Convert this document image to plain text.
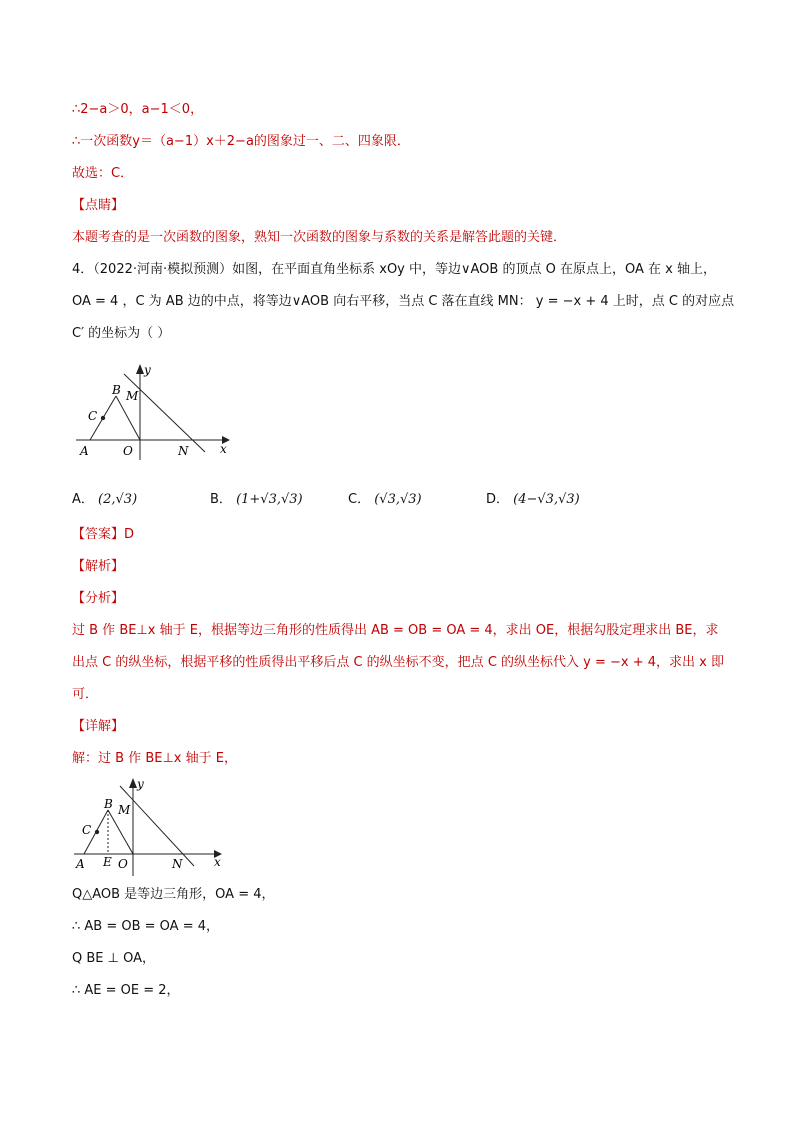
∴2−a＞0，a−1＜0，
∴一次函数y＝（a−1）x＋2−a的图象过一、二、四象限．
故选：C．
【点睛】
本题考查的是一次函数的图象，熟知一次函数的图象与系数的关系是解答此题的关键．
4．（2022·河南·模拟预测）如图，在平面直角坐标系 xOy 中，等边∨AOB 的顶点 O 在原点上，OA 在 x 轴上，
OA = 4 ，C 为 AB 边的中点，将等边∨AOB 向右平移，当点 C 落在直线 MN： y = −x + 4 上时，点 C 的对应点
C′ 的坐标为（ ）
A	O	N	x
y
B
C
M
A． (2,√3)	B． (1+√3,√3)	C． (√3,√3)	D． (4−√3,√3)
【答案】D
【解析】
【分析】
过 B 作 BE⊥x 轴于 E，根据等边三角形的性质得出 AB = OB = OA = 4，求出 OE，根据勾股定理求出 BE，求
出点 C 的纵坐标，根据平移的性质得出平移后点 C 的纵坐标不变，把点 C 的纵坐标代入 y = −x + 4，求出 x 即
可．
【详解】
解：过 B 作 BE⊥x 轴于 E，
A E O	N	x
y
B
C
M
Q△AOB 是等边三角形，OA = 4，
∴ AB = OB = OA = 4，
Q BE ⊥ OA，
∴ AE = OE = 2，
